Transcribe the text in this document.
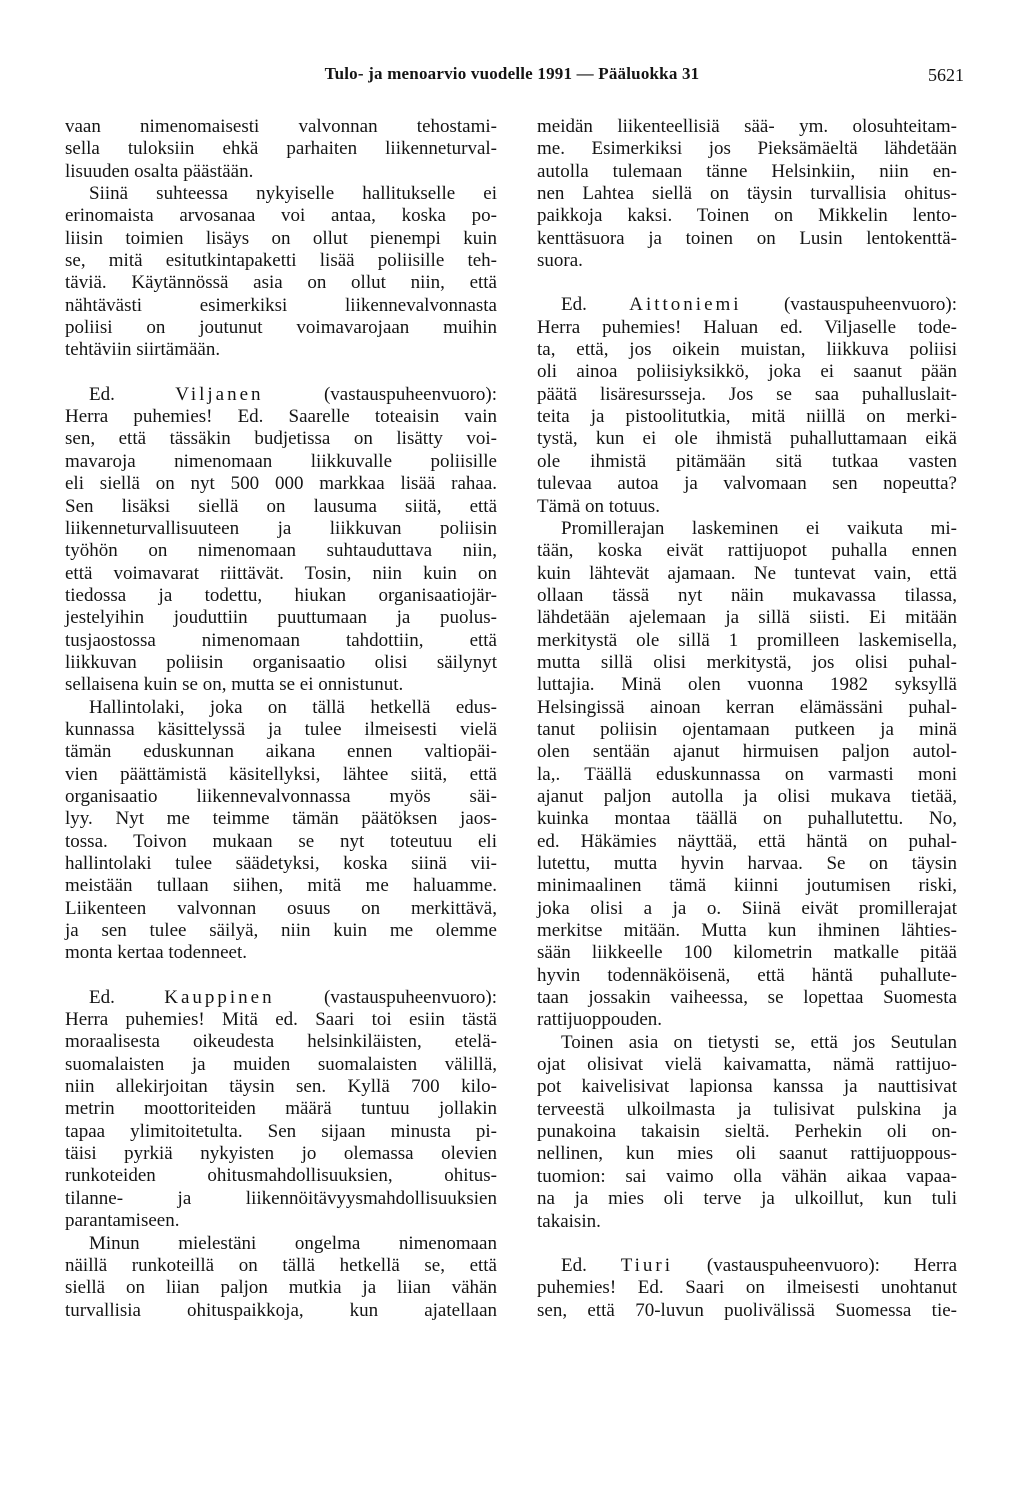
Tulo- ja menoarvio vuodelle 1991 — Pääluokka 31	5621
vaan nimenomaisesti valvonnan tehostami-
sella tuloksiin ehkä parhaiten liikenneturval-
lisuuden osalta päästään.
Siinä suhteessa nykyiselle hallitukselle ei
erinomaista arvosanaa voi antaa, koska po-
liisin toimien lisäys on ollut pienempi kuin
se, mitä esitutkintapaketti lisää poliisille teh-
täviä. Käytännössä asia on ollut niin, että
nähtävästi esimerkiksi liikennevalvonnasta
poliisi on joutunut voimavarojaan muihin
tehtäviin siirtämään.
Ed. Viljanen (vastauspuheenvuoro):
Herra puhemies! Ed. Saarelle toteaisin vain
sen, että tässäkin budjetissa on lisätty voi-
mavaroja nimenomaan liikkuvalle poliisille
eli siellä on nyt 500 000 markkaa lisää rahaa.
Sen lisäksi siellä on lausuma siitä, että
liikenneturvallisuuteen ja liikkuvan poliisin
työhön on nimenomaan suhtauduttava niin,
että voimavarat riittävät. Tosin, niin kuin on
tiedossa ja todettu, hiukan organisaatiojär-
jestelyihin jouduttiin puuttumaan ja puolus-
tusjaostossa nimenomaan tahdottiin, että
liikkuvan poliisin organisaatio olisi säilynyt
sellaisena kuin se on, mutta se ei onnistunut.
Hallintolaki, joka on tällä hetkellä edus-
kunnassa käsittelyssä ja tulee ilmeisesti vielä
tämän eduskunnan aikana ennen valtiopäi-
vien päättämistä käsitellyksi, lähtee siitä, että
organisaatio liikennevalvonnassa myös säi-
lyy. Nyt me teimme tämän päätöksen jaos-
tossa. Toivon mukaan se nyt toteutuu eli
hallintolaki tulee säädetyksi, koska siinä vii-
meistään tullaan siihen, mitä me haluamme.
Liikenteen valvonnan osuus on merkittävä,
ja sen tulee säilyä, niin kuin me olemme
monta kertaa todenneet.
Ed. Kauppinen (vastauspuheenvuoro):
Herra puhemies! Mitä ed. Saari toi esiin tästä
moraalisesta oikeudesta helsinkiläisten, etelä-
suomalaisten ja muiden suomalaisten välillä,
niin allekirjoitan täysin sen. Kyllä 700 kilo-
metrin moottoriteiden määrä tuntuu jollakin
tapaa ylimitoitetulta. Sen sijaan minusta pi-
täisi pyrkiä nykyisten jo olemassa olevien
runkoteiden ohitusmahdollisuuksien, ohitus-
tilanne- ja liikennöitävyysmahdollisuuksien
parantamiseen.
Minun mielestäni ongelma nimenomaan
näillä runkoteillä on tällä hetkellä se, että
siellä on liian paljon mutkia ja liian vähän
turvallisia ohituspaikkoja, kun ajatellaan
meidän liikenteellisiä sää- ym. olosuhteitam-
me. Esimerkiksi jos Pieksämäeltä lähdetään
autolla tulemaan tänne Helsinkiin, niin en-
nen Lahtea siellä on täysin turvallisia ohitus-
paikkoja kaksi. Toinen on Mikkelin lento-
kenttäsuora ja toinen on Lusin lentokenttä-
suora.
Ed. Aittoniemi (vastauspuheenvuoro):
Herra puhemies! Haluan ed. Viljaselle tode-
ta, että, jos oikein muistan, liikkuva poliisi
oli ainoa poliisiyksikkö, joka ei saanut pään
päätä lisäresursseja. Jos se saa puhalluslait-
teita ja pistoolitutkia, mitä niillä on merki-
tystä, kun ei ole ihmistä puhalluttamaan eikä
ole ihmistä pitämään sitä tutkaa vasten
tulevaa autoa ja valvomaan sen nopeutta?
Tämä on totuus.
Promillerajan laskeminen ei vaikuta mi-
tään, koska eivät rattijuopot puhalla ennen
kuin lähtevät ajamaan. Ne tuntevat vain, että
ollaan tässä nyt näin mukavassa tilassa,
lähdetään ajelemaan ja sillä siisti. Ei mitään
merkitystä ole sillä 1 promilleen laskemisella,
mutta sillä olisi merkitystä, jos olisi puhal-
luttajia. Minä olen vuonna 1982 syksyllä
Helsingissä ainoan kerran elämässäni puhal-
tanut poliisin ojentamaan putkeen ja minä
olen sentään ajanut hirmuisen paljon autol-
la,. Täällä eduskunnassa on varmasti moni
ajanut paljon autolla ja olisi mukava tietää,
kuinka montaa täällä on puhallutettu. No,
ed. Häkämies näyttää, että häntä on puhal-
lutettu, mutta hyvin harvaa. Se on täysin
minimaalinen tämä kiinni joutumisen riski,
joka olisi a ja o. Siinä eivät promillerajat
merkitse mitään. Mutta kun ihminen lähties-
sään liikkeelle 100 kilometrin matkalle pitää
hyvin todennäköisenä, että häntä puhallute-
taan jossakin vaiheessa, se lopettaa Suomesta
rattijuoppouden.
Toinen asia on tietysti se, että jos Seutulan
ojat olisivat vielä kaivamatta, nämä rattijuo-
pot kaivelisivat lapionsa kanssa ja nauttisivat
terveestä ulkoilmasta ja tulisivat pulskina ja
punakoina takaisin sieltä. Perhekin oli on-
nellinen, kun mies oli saanut rattijuoppous-
tuomion: sai vaimo olla vähän aikaa vapaa-
na ja mies oli terve ja ulkoillut, kun tuli
takaisin.
Ed. Tiuri (vastauspuheenvuoro): Herra
puhemies! Ed. Saari on ilmeisesti unohtanut
sen, että 70-luvun puolivälissä Suomessa tie-
